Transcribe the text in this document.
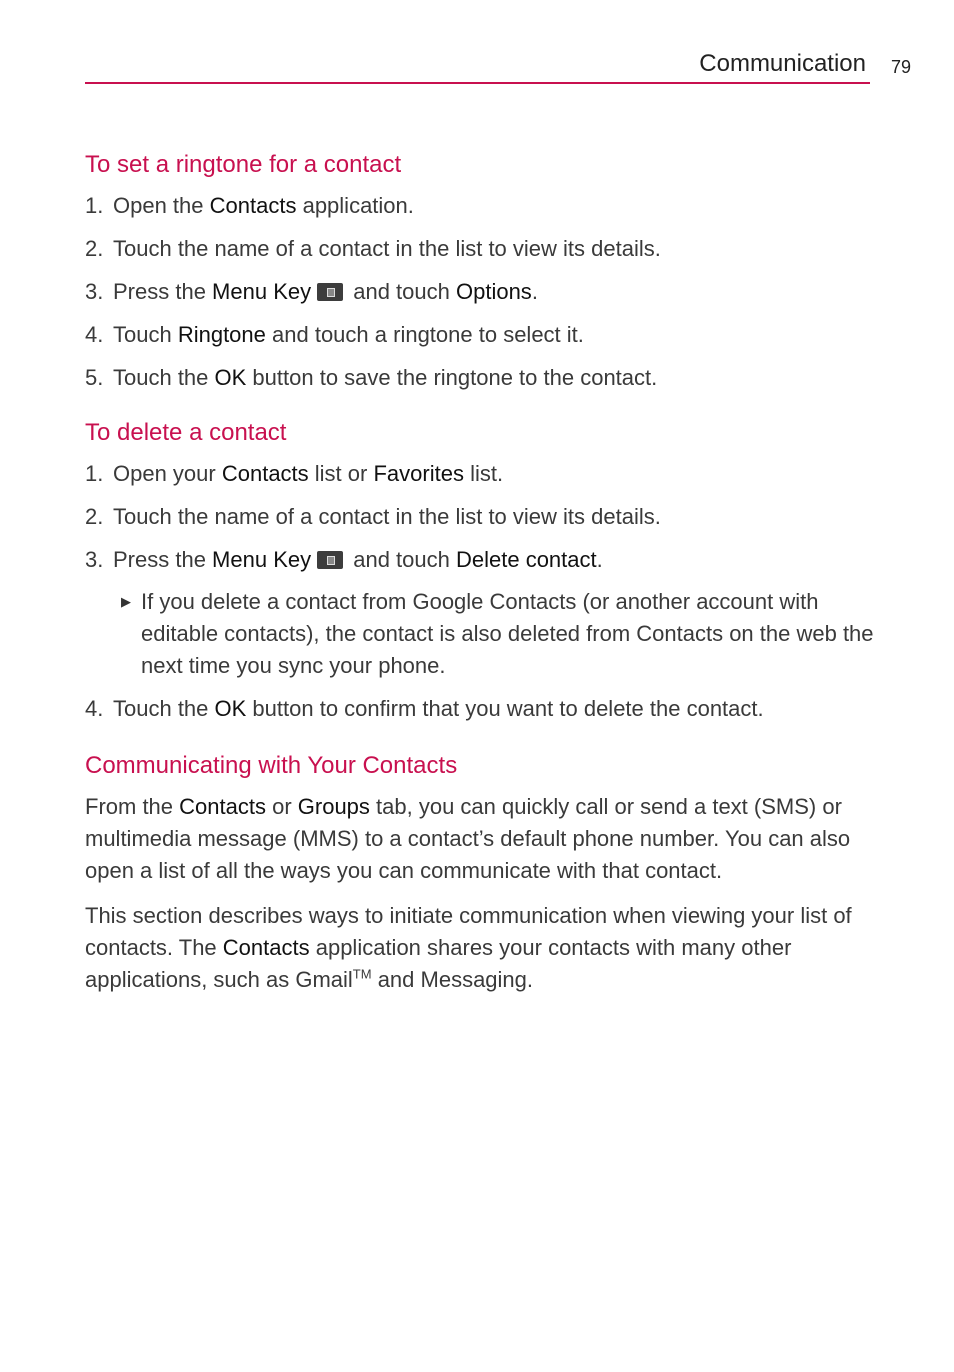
Communication 79
To set a ringtone for a contact
1. Open the Contacts application.
2. Touch the name of a contact in the list to view its details.
3. Press the Menu Key and touch Options.
4. Touch Ringtone and touch a ringtone to select it.
5. Touch the OK button to save the ringtone to the contact.
To delete a contact
1. Open your Contacts list or Favorites list.
2. Touch the name of a contact in the list to view its details.
3. Press the Menu Key and touch Delete contact.
▶ If you delete a contact from Google Contacts (or another account with editable contacts), the contact is also deleted from Contacts on the web the next time you sync your phone.
4. Touch the OK button to confirm that you want to delete the contact.
Communicating with Your Contacts

From the Contacts or Groups tab, you can quickly call or send a text (SMS) or multimedia message (MMS) to a contact’s default phone number. You can also open a list of all the ways you can communicate with that contact.

This section describes ways to initiate communication when viewing your list of contacts. The Contacts application shares your contacts with many other applications, such as Gmail™ and Messaging.
